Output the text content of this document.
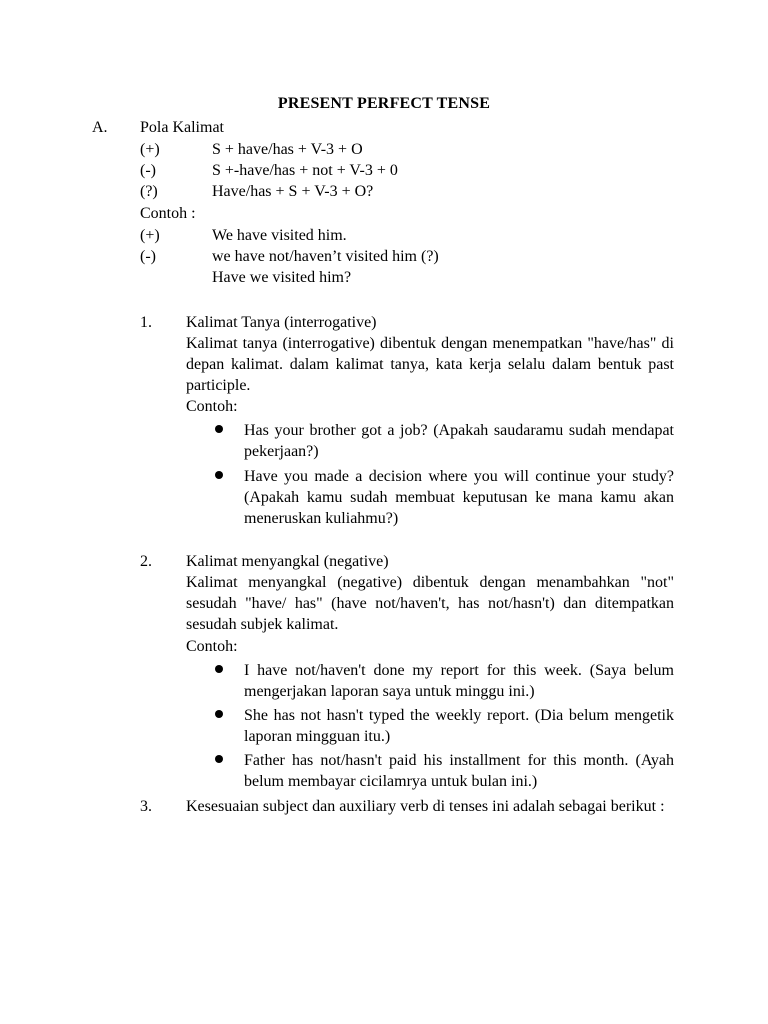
PRESENT PERFECT TENSE
A. Pola Kalimat
(+)	S + have/has + V-3 + O
(-)	S +-have/has + not + V-3 + 0
(?)	Have/has + S + V-3 + O?
Contoh :
(+)	We have visited him.
(-)	we have not/haven’t visited him (?)
Have we visited him?
1. Kalimat Tanya (interrogative)
Kalimat tanya (interrogative) dibentuk dengan menempatkan "have/has" di depan kalimat. dalam kalimat tanya, kata kerja selalu dalam bentuk past participle.
Contoh:
Has your brother got a job? (Apakah saudaramu sudah mendapat pekerjaan?)
Have you made a decision where you will continue your study? (Apakah kamu sudah membuat keputusan ke mana kamu akan meneruskan kuliahmu?)
2. Kalimat menyangkal (negative)
Kalimat menyangkal (negative) dibentuk dengan menambahkan "not" sesudah "have/ has" (have not/haven't, has not/hasn't) dan ditempatkan sesudah subjek kalimat.
Contoh:
I have not/haven't done my report for this week. (Saya belum mengerjakan laporan saya untuk minggu ini.)
She has not hasn't typed the weekly report. (Dia belum mengetik laporan mingguan itu.)
Father has not/hasn't paid his installment for this month. (Ayah belum membayar cicilamrya untuk bulan ini.)
3. Kesesuaian subject dan auxiliary verb di tenses ini adalah sebagai berikut :
